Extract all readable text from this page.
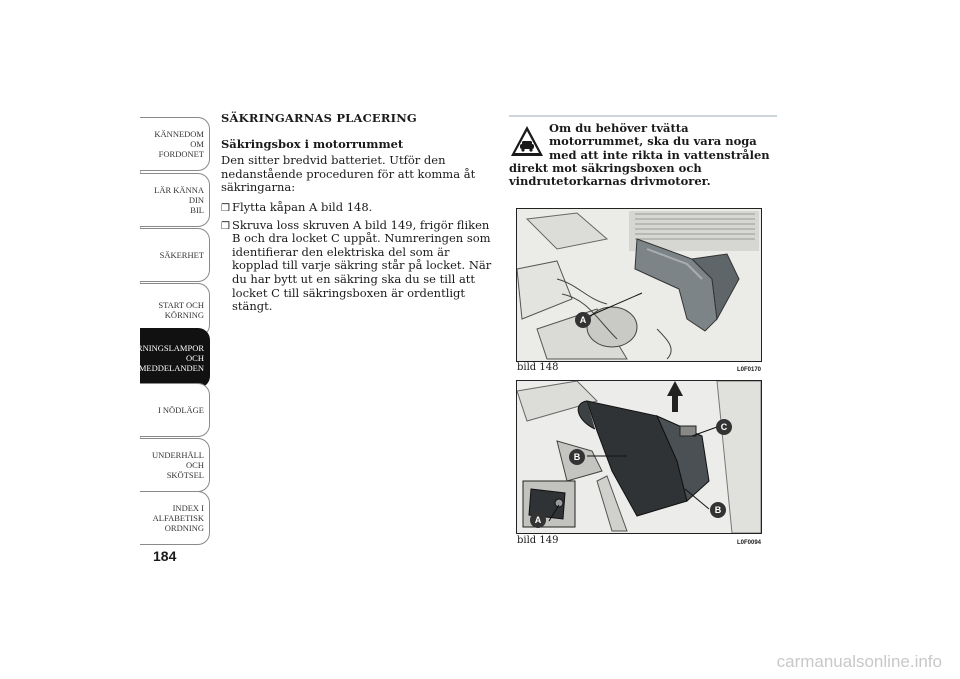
KÄNNEDOM OM
FORDONET
LÄR KÄNNA DIN
BIL
SÄKERHET
START OCH
KÖRNING
VARNINGSLAMPOR
OCH
MEDDELANDEN
I NÖDLÄGE
UNDERHÅLL OCH
SKÖTSEL
INDEX I
ALFABETISK
ORDNING
184
SÄKRINGARNAS PLACERING
Säkringsbox i motorrummet

Den sitter bredvid batteriet. Utför den nedanstående proceduren för att komma åt säkringarna:

❒ Flytta kåpan A bild 148.
❒ Skruva loss skruven A bild 149, frigör fliken B och dra locket C uppåt. Numreringen som identifierar den elektriska del som är kopplad till varje säkring står på locket. När du har bytt ut en säkring ska du se till att locket C till säkringsboxen är ordentligt stängt.
Om du behöver tvätta motorrummet, ska du vara noga med att inte rikta in vattenstrålen direkt mot säkringsboxen och vindrutetorkarnas drivmotorer.
A
bild 148	L0F0170
C
B
B
A
bild 149	L0F0094
carmanualsonline.info
